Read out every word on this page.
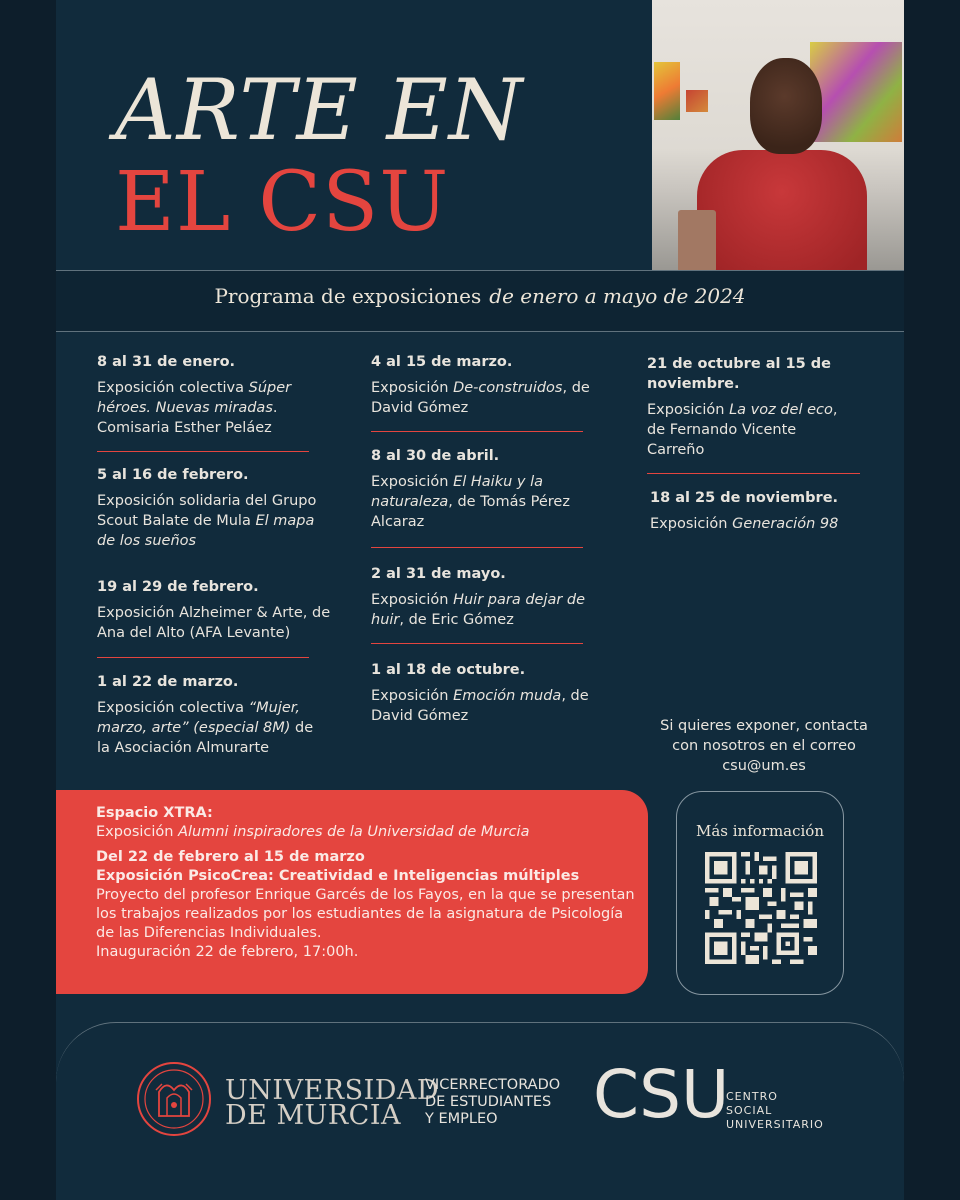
ARTE EN
EL CSU
Programa de exposiciones de enero a mayo de 2024
8 al 31 de enero.
Exposición colectiva Súper héroes. Nuevas miradas. Comisaria Esther Peláez
5 al 16 de febrero.
Exposición solidaria del Grupo Scout Balate de Mula El mapa de los sueños
19 al 29 de febrero.
Exposición Alzheimer & Arte, de Ana del Alto (AFA Levante)
1 al 22 de marzo.
Exposición colectiva “Mujer, marzo, arte” (especial 8M) de la Asociación Almurarte
4 al 15 de marzo.
Exposición De-construidos, de David Gómez
8 al 30 de abril.
Exposición El Haiku y la naturaleza, de Tomás Pérez Alcaraz
2 al 31 de mayo.
Exposición Huir para dejar de huir, de Eric Gómez
1 al 18 de octubre.
Exposición Emoción muda, de David Gómez
21 de octubre al 15 de noviembre.
Exposición La voz del eco, de Fernando Vicente Carreño
18 al 25 de noviembre.
Exposición Generación 98
Si quieres exponer, contacta con nosotros en el correo csu@um.es
Espacio XTRA:
Exposición Alumni inspiradores de la Universidad de Murcia
Del 22 de febrero al 15 de marzo
Exposición PsicoCrea: Creatividad e Inteligencias múltiples
Proyecto del profesor Enrique Garcés de los Fayos, en la que se presentan los trabajos realizados por los estudiantes de la asignatura de Psicología de las Diferencias Individuales.
Inauguración 22 de febrero, 17:00h.
Más información
UNIVERSIDAD
DE MURCIA
VICERRECTORADO
DE ESTUDIANTES
Y EMPLEO	CSU
CENTRO
SOCIAL
UNIVERSITARIO
